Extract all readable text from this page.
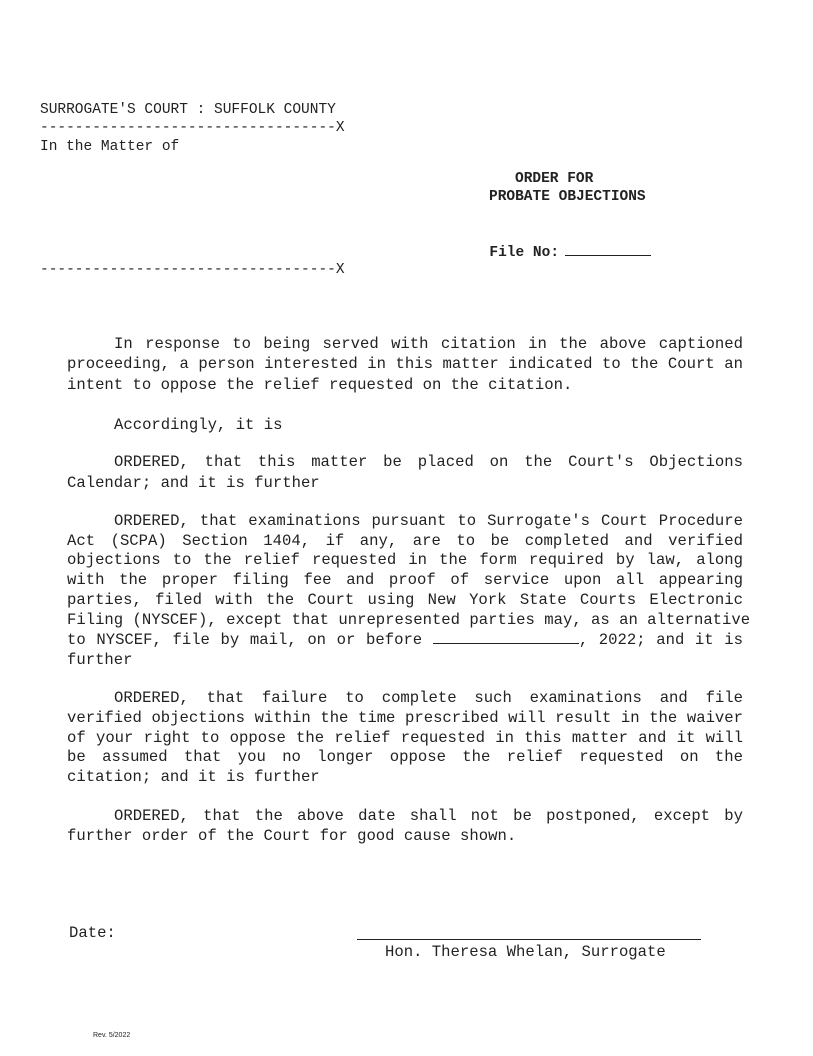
SURROGATE'S COURT : SUFFOLK COUNTY
----------------------------------X
In the Matter of
----------------------------------X
ORDER FOR
PROBATE OBJECTIONS

File No:

In response to being served with citation in the above captioned
proceeding, a person interested in this matter indicated to the Court an
intent to oppose the relief requested on the citation.
Accordingly, it is
ORDERED, that this matter be placed on the Court's Objections
Calendar; and it is further
ORDERED, that examinations pursuant to Surrogate's Court Procedure
Act (SCPA) Section 1404, if any, are to be completed and verified
objections to the relief requested in the form required by law, along
with the proper filing fee and proof of service upon all appearing
parties, filed with the Court using New York State Courts Electronic
Filing (NYSCEF), except that unrepresented parties may, as an alternative
to NYSCEF, file by mail, on or before	, 2022; and it is
further
ORDERED, that failure to complete such examinations and file
verified objections within the time prescribed will result in the waiver
of your right to oppose the relief requested in this matter and it will
be assumed that you no longer oppose the relief requested on the
citation; and it is further
ORDERED, that the above date shall not be postponed, except by
further order of the Court for good cause shown.
Date:
Hon. Theresa Whelan, Surrogate
Rev. 5/2022
